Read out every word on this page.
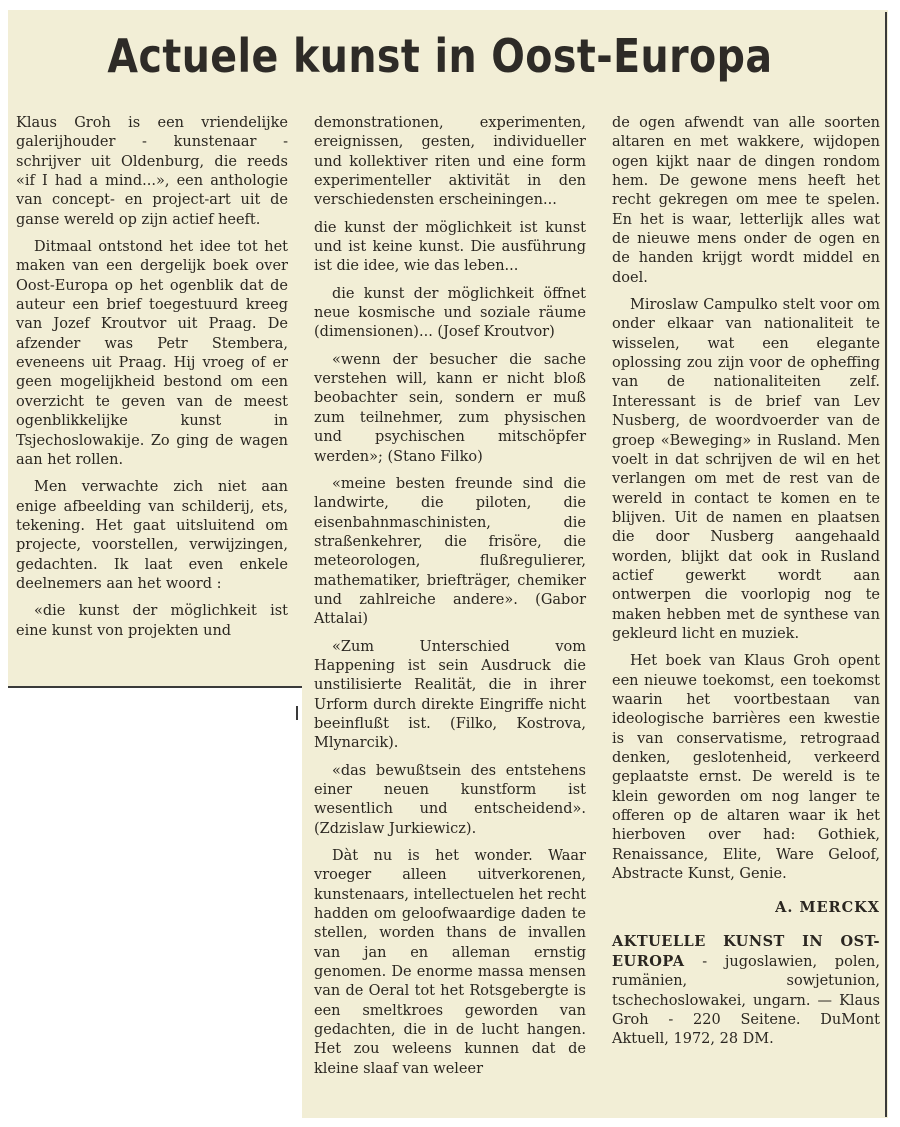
Actuele kunst in Oost-Europa

Klaus Groh is een vriendelijke galerijhouder - kunstenaar - schrijver uit Oldenburg, die reeds «if I had a mind...», een anthologie van concept- en project-art uit de ganse wereld op zijn actief heeft.

Ditmaal ontstond het idee tot het maken van een dergelijk boek over Oost-Europa op het ogenblik dat de auteur een brief toegestuurd kreeg van Jozef Kroutvor uit Praag. De afzender was Petr Stembera, eveneens uit Praag. Hij vroeg of er geen mogelijkheid bestond om een overzicht te geven van de meest ogenblikkelijke kunst in Tsjechoslowakije. Zo ging de wagen aan het rollen.

Men verwachte zich niet aan enige afbeelding van schilderij, ets, tekening. Het gaat uitsluitend om projecte, voorstellen, verwijzingen, gedachten. Ik laat even enkele deelnemers aan het woord :

«die kunst der möglichkeit ist eine kunst von projekten und

demonstrationen, experimenten, ereignissen, gesten, individueller und kollektiver riten und eine form experimenteller aktivität in den verschiedensten erscheiningen...

die kunst der möglichkeit ist kunst und ist keine kunst. Die ausführung ist die idee, wie das leben...

die kunst der möglichkeit öffnet neue kosmische und soziale räume (dimensionen)... (Josef Kroutvor)

«wenn der besucher die sache verstehen will, kann er nicht bloß beobachter sein, sondern er muß zum teilnehmer, zum physischen und psychischen mitschöpfer werden»; (Stano Filko)

«meine besten freunde sind die landwirte, die piloten, die eisenbahnmaschinisten, die straßenkehrer, die frisöre, die meteorologen, flußregulierer, mathematiker, briefträger, chemiker und zahlreiche andere». (Gabor Attalai)

«Zum Unterschied vom Happening ist sein Ausdruck die unstilisierte Realität, die in ihrer Urform durch direkte Eingriffe nicht beeinflußt ist. (Filko, Kostrova, Mlynarcik).

«das bewußtsein des entstehens einer neuen kunstform ist wesentlich und entscheidend». (Zdzislaw Jurkiewicz).

Dàt nu is het wonder. Waar vroeger alleen uitverkorenen, kunstenaars, intellectuelen het recht hadden om geloofwaardige daden te stellen, worden thans de invallen van jan en alleman ernstig genomen. De enorme massa mensen van de Oeral tot het Rotsgebergte is een smeltkroes geworden van gedachten, die in de lucht hangen. Het zou weleens kunnen dat de kleine slaaf van weleer

de ogen afwendt van alle soorten altaren en met wakkere, wijdopen ogen kijkt naar de dingen rondom hem. De gewone mens heeft het recht gekregen om mee te spelen. En het is waar, letterlijk alles wat de nieuwe mens onder de ogen en de handen krijgt wordt middel en doel.

Miroslaw Campulko stelt voor om onder elkaar van nationaliteit te wisselen, wat een elegante oplossing zou zijn voor de opheffing van de nationaliteiten zelf. Interessant is de brief van Lev Nusberg, de woordvoerder van de groep «Beweging» in Rusland. Men voelt in dat schrijven de wil en het verlangen om met de rest van de wereld in contact te komen en te blijven. Uit de namen en plaatsen die door Nusberg aangehaald worden, blijkt dat ook in Rusland actief gewerkt wordt aan ontwerpen die voorlopig nog te maken hebben met de synthese van gekleurd licht en muziek.

Het boek van Klaus Groh opent een nieuwe toekomst, een toekomst waarin het voortbestaan van ideologische barrières een kwestie is van conservatisme, retrograad denken, geslotenheid, verkeerd geplaatste ernst. De wereld is te klein geworden om nog langer te offeren op de altaren waar ik het hierboven over had: Gothiek, Renaissance, Elite, Ware Geloof, Abstracte Kunst, Genie.

A. MERCKX

AKTUELLE KUNST IN OST-EUROPA - jugoslawien, polen, rumänien, sowjetunion, tschechoslowakei, ungarn. — Klaus Groh - 220 Seitene. DuMont Aktuell, 1972, 28 DM.
